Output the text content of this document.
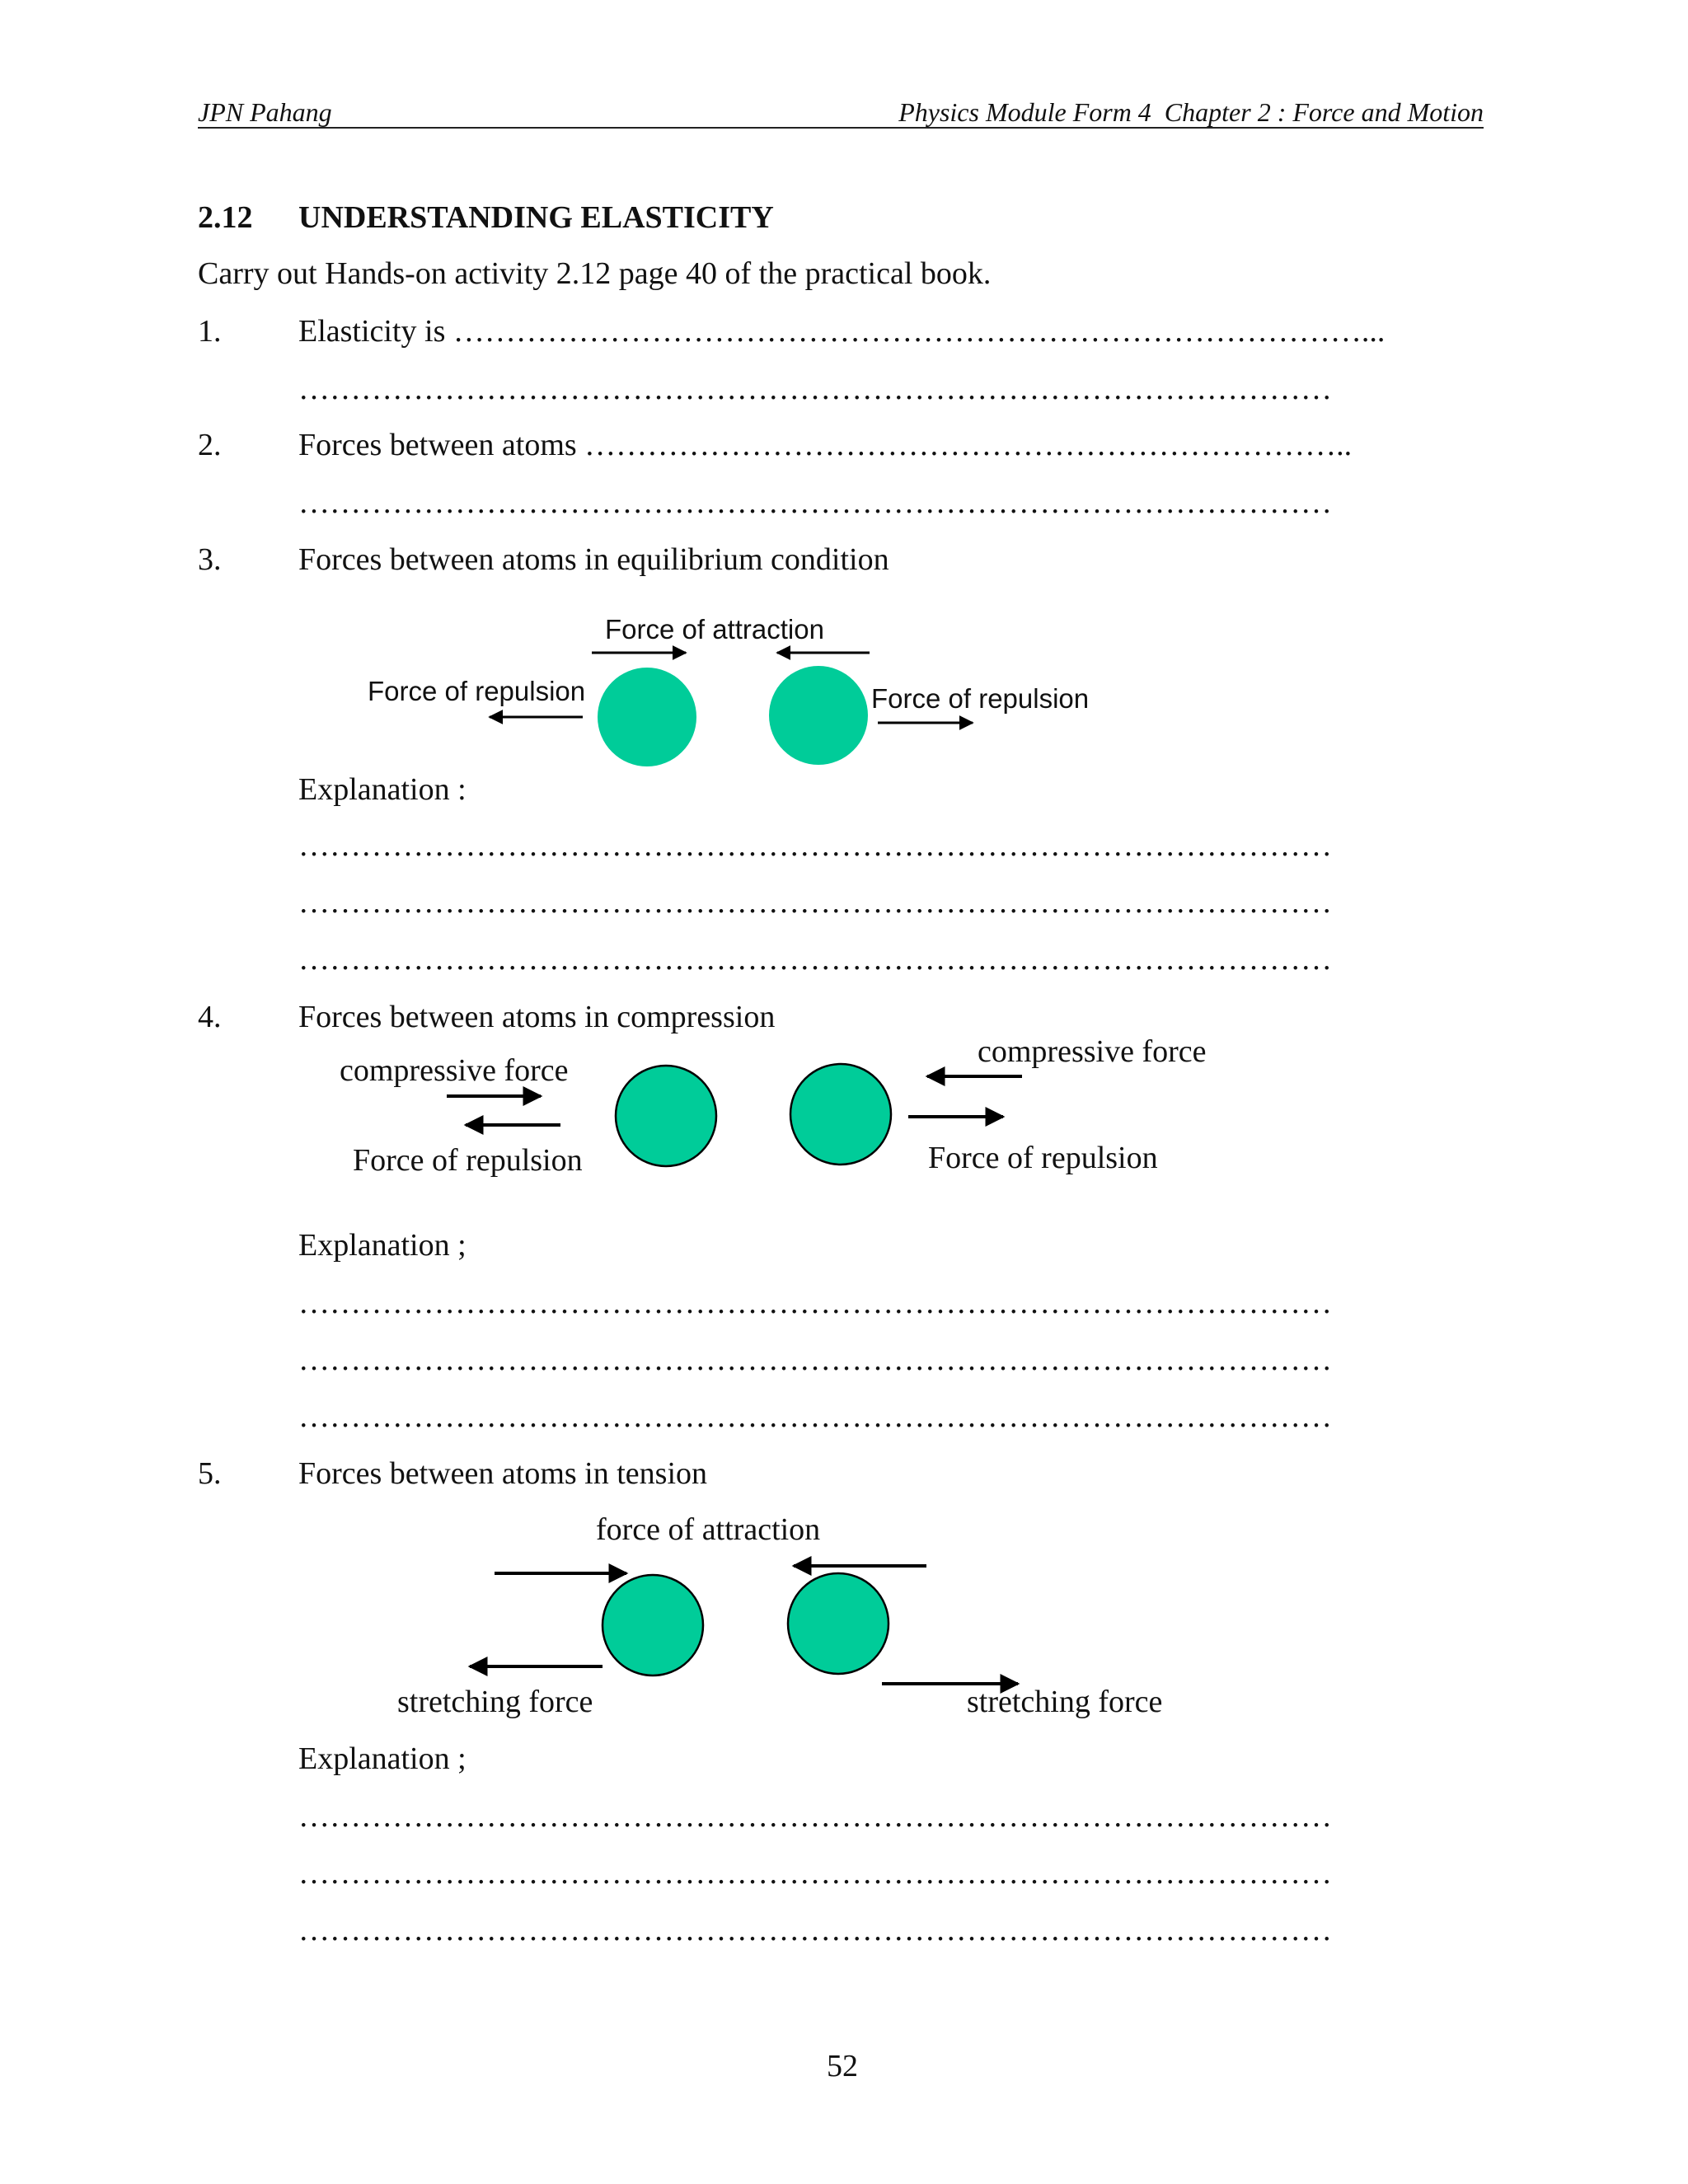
JPN Pahang	Physics Module Form 4  Chapter 2 : Force and Motion
2.12 UNDERSTANDING ELASTICITY
Carry out Hands-on activity 2.12 page 40 of the practical book.
1. Elasticity is ……………………………………………………………………………...
………………………………………………………………………………………
2. Forces between atoms ………………………………………………………………..
………………………………………………………………………………………
3. Forces between atoms in equilibrium condition
Force of attraction
Force of repulsion	Force of repulsion
Explanation :
………………………………………………………………………………………
………………………………………………………………………………………
………………………………………………………………………………………
4. Forces between atoms in compression
compressive force
Force of repulsion
compressive force
Force of repulsion
Explanation ;
………………………………………………………………………………………
………………………………………………………………………………………
………………………………………………………………………………………
5. Forces between atoms in tension
force of attraction
stretching force	stretching force
Explanation ;
………………………………………………………………………………………
………………………………………………………………………………………
………………………………………………………………………………………
52
